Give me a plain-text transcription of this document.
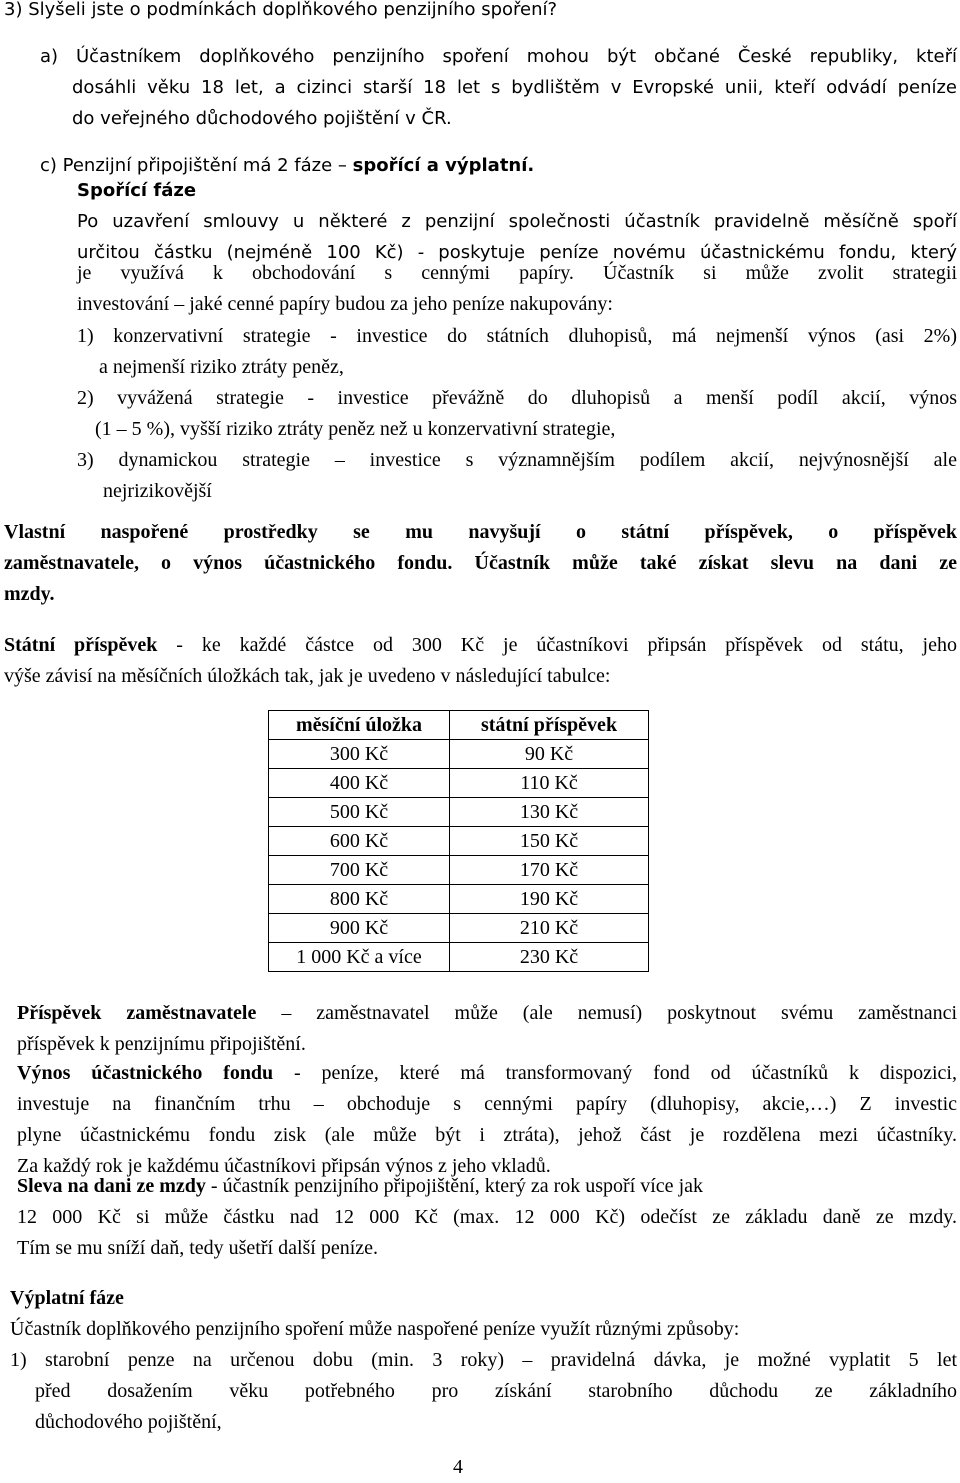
3) Slyšeli jste o podmínkách doplňkového penzijního spoření?
a) Účastníkem doplňkového penzijního spoření mohou být občané České republiky, kteří
dosáhli věku 18 let, a cizinci starší 18 let s bydlištěm v Evropské unii, kteří odvádí peníze
do veřejného důchodového pojištění v ČR.
c) Penzijní připojištění má 2 fáze – spořící a výplatní.
Spořící fáze
Po uzavření smlouvy u některé z penzijní společnosti účastník pravidelně měsíčně spoří
určitou částku (nejméně 100 Kč) - poskytuje peníze novému účastnickému fondu, který
je využívá k obchodování s cennými papíry. Účastník si může zvolit strategii
investování – jaké cenné papíry budou za jeho peníze nakupovány:
1) konzervativní strategie - investice do státních dluhopisů, má nejmenší výnos (asi 2%)
a nejmenší riziko ztráty peněz,
2) vyvážená strategie - investice převážně do dluhopisů a menší podíl akcií, výnos
(1 – 5 %), vyšší riziko ztráty peněz než u konzervativní strategie,
3) dynamickou strategie – investice s významnějším podílem akcií, nejvýnosnější ale
nejrizikovější
Vlastní naspořené prostředky se mu navyšují o státní příspěvek, o příspěvek
zaměstnavatele, o výnos účastnického fondu. Účastník může také získat slevu na dani ze
mzdy.
Státní příspěvek - ke každé částce od 300 Kč je účastníkovi připsán příspěvek od státu, jeho
výše závisí na měsíčních úložkách tak, jak je uvedeno v následující tabulce:
měsíční úložka	státní příspěvek
300 Kč	90 Kč
400 Kč	110 Kč
500 Kč	130 Kč
600 Kč	150 Kč
700 Kč	170 Kč
800 Kč	190 Kč
900 Kč	210 Kč
1 000 Kč a více	230 Kč
Příspěvek zaměstnavatele – zaměstnavatel může (ale nemusí) poskytnout svému zaměstnanci
příspěvek k penzijnímu připojištění.
Výnos účastnického fondu - peníze, které má transformovaný fond od účastníků k dispozici,
investuje na finančním trhu – obchoduje s cennými papíry (dluhopisy, akcie,…) Z investic
plyne účastnickému fondu zisk (ale může být i ztráta), jehož část je rozdělena mezi účastníky.
Za každý rok je každému účastníkovi připsán výnos z jeho vkladů.
Sleva na dani ze mzdy - účastník penzijního připojištění, který za rok uspoří více jak
12 000 Kč si může částku nad 12 000 Kč (max. 12 000 Kč) odečíst ze základu daně ze mzdy.
Tím se mu sníží daň, tedy ušetří další peníze.
Výplatní fáze
Účastník doplňkového penzijního spoření může naspořené peníze využít různými způsoby:
1) starobní penze na určenou dobu (min. 3 roky) – pravidelná dávka, je možné vyplatit 5 let
před dosažením věku potřebného pro získání starobního důchodu ze základního
důchodového pojištění,
4
